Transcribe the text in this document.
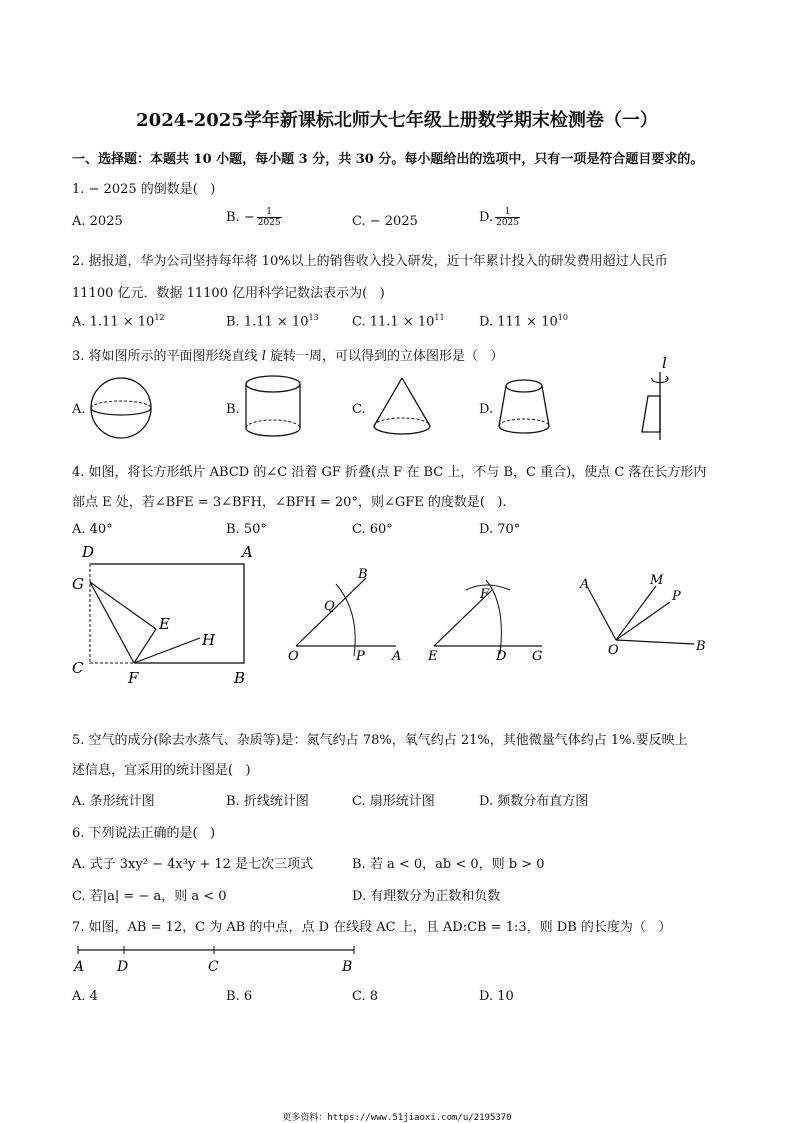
2024-2025学年新课标北师大七年级上册数学期末检测卷（一）
一、选择题：本题共 10 小题，每小题 3 分，共 30 分。每小题给出的选项中，只有一项是符合题目要求的。
1. − 2025 的倒数是(   )
A. 2025	B. − $\frac{1}{2025}$	C. − 2025	D. $\frac{1}{2025}$
2. 据报道，华为公司坚持每年将 10%以上的销售收入投入研发，近十年累计投入的研发费用超过人民币
11100 亿元．数据 11100 亿用科学记数法表示为(   )
A. $1.11 \times 10^{12}$	B. $1.11 \times 10^{13}$	C. $11.1 \times 10^{11}$	D. $111 \times 10^{10}$
3. 将如图所示的平面图形绕直线 l 旋转一周，可以得到的立体图形是（   ）
A.	B.	C.	D.
l
4. 如图，将长方形纸片 ABCD 的∠C 沿着 GF 折叠(点 F 在 BC 上，不与 B，C 重合)，使点 C 落在长方形内
部点 E 处，若∠BFE = 3∠BFH，∠BFH = 20°，则∠GFE 的度数是(   ).
A. 40°	B. 50°	C. 60°	D. 70°
D	A
G
E
H
C
F	B
B
Q
O	P A
F
E	D G
A	M
P
O	B
5. 空气的成分(除去水蒸气、杂质等)是：氮气约占 78%，氧气约占 21%，其他微量气体约占 1%.要反映上
述信息，宜采用的统计图是(   )
A. 条形统计图	B. 折线统计图	C. 扇形统计图	D. 频数分布直方图
6. 下列说法正确的是(   )
A. 式子 3xy² − 4x³y + 12 是七次三项式	B. 若 a < 0，ab < 0，则 b > 0
C. 若|a| = − a，则 a < 0	D. 有理数分为正数和负数
7. 如图，AB = 12，C 为 AB 的中点，点 D 在线段 AC 上，且 AD:CB = 1:3，则 DB 的长度为（   ）
A D	C	B
A. 4	B. 6	C. 8	D. 10
更多资料：https://www.51jiaoxi.com/u/2195370
